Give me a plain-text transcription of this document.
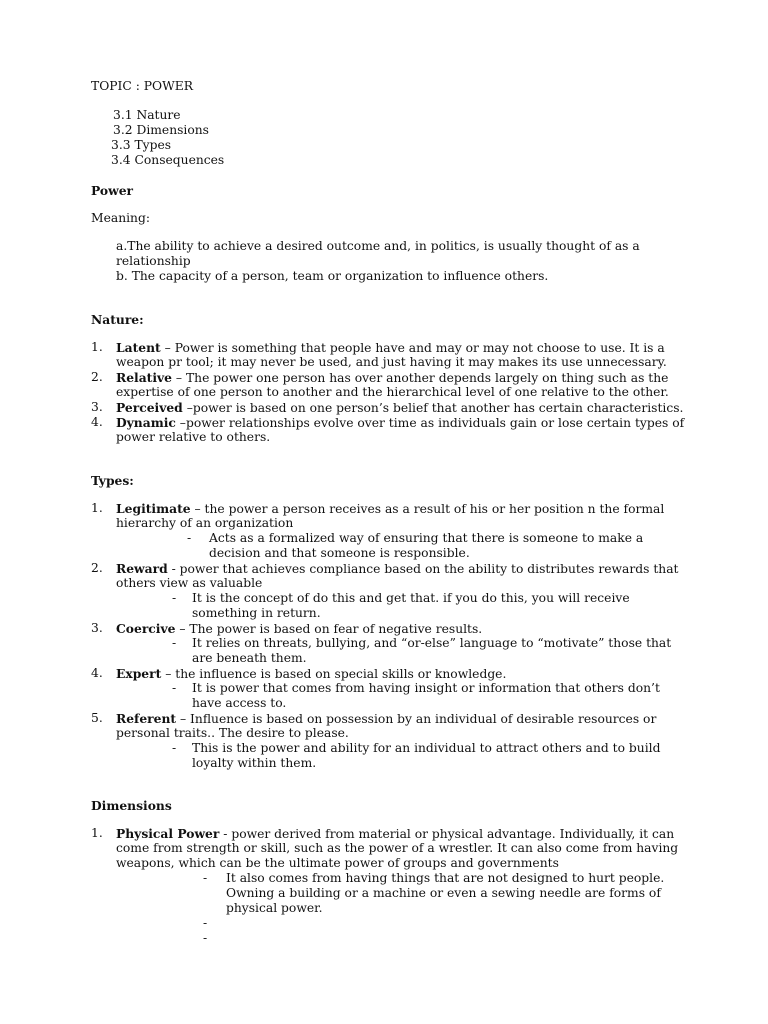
TOPIC : POWER
3.1 Nature
3.2 Dimensions
3.3 Types
3.4 Consequences
Power
Meaning:
a.The ability to achieve a desired outcome and, in politics, is usually thought of as a
relationship
b. The capacity of a person, team or organization to influence others.
Nature:
1. Latent – Power is something that people have and may or may not choose to use. It is a
weapon pr tool; it may never be used, and just having it may makes its use unnecessary.
2. Relative – The power one person has over another depends largely on thing such as the
expertise of one person to another and the hierarchical level of one relative to the other.
3. Perceived –power is based on one person’s belief that another has certain characteristics.
4. Dynamic –power relationships evolve over time as individuals gain or lose certain types of
power relative to others.
Types:
1. Legitimate – the power a person receives as a result of his or her position n the formal
hierarchy of an organization
- Acts as a formalized way of ensuring that there is someone to make a
decision and that someone is responsible.
2. Reward - power that achieves compliance based on the ability to distributes rewards that
others view as valuable
- It is the concept of do this and get that. if you do this, you will receive
something in return.
3. Coercive – The power is based on fear of negative results.
- It relies on threats, bullying, and “or-else” language to “motivate” those that
are beneath them.
4. Expert – the influence is based on special skills or knowledge.
- It is power that comes from having insight or information that others don’t
have access to.
5. Referent – Influence is based on possession by an individual of desirable resources or
personal traits.. The desire to please.
- This is the power and ability for an individual to attract others and to build
loyalty within them.
Dimensions
1. Physical Power - power derived from material or physical advantage. Individually, it can
come from strength or skill, such as the power of a wrestler. It can also come from having
weapons, which can be the ultimate power of groups and governments
- It also comes from having things that are not designed to hurt people.
Owning a building or a machine or even a sewing needle are forms of
physical power.
-
-
